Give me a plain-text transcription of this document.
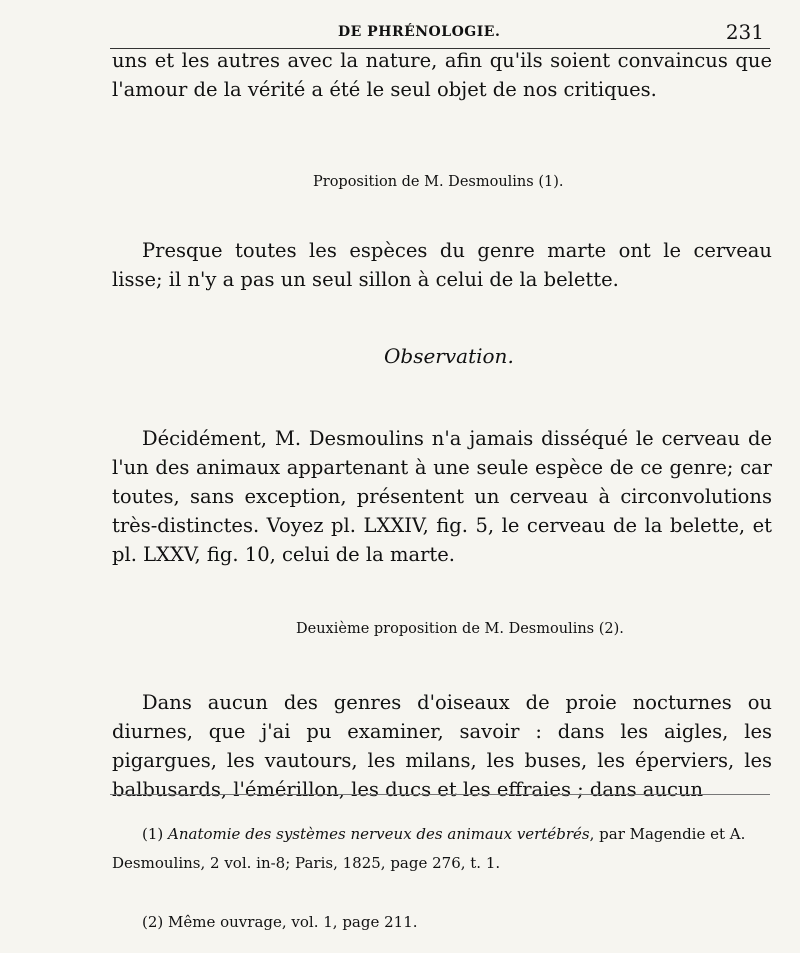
DE PHRÉNOLOGIE.	231

uns et les autres avec la nature, afin qu'ils soient convaincus que l'amour de la vérité a été le seul objet de nos critiques.

Proposition de M. Desmoulins (1).

Presque toutes les espèces du genre marte ont le cerveau lisse; il n'y a pas un seul sillon à celui de la belette.

Observation.

Décidément, M. Desmoulins n'a jamais disséqué le cerveau de l'un des animaux appartenant à une seule espèce de ce genre; car toutes, sans exception, présentent un cerveau à circonvolutions très-distinctes. Voyez pl. LXXIV, fig. 5, le cerveau de la belette, et pl. LXXV, fig. 10, celui de la marte.

Deuxième proposition de M. Desmoulins (2).

Dans aucun des genres d'oiseaux de proie nocturnes ou diurnes, que j'ai pu examiner, savoir : dans les aigles, les pigargues, les vautours, les milans, les buses, les éperviers, les balbusards, l'émérillon, les ducs et les effraies ; dans aucun

(1) Anatomie des systèmes nerveux des animaux vertébrés, par Magendie et A. Desmoulins, 2 vol. in-8; Paris, 1825, page 276, t. 1.
(2) Même ouvrage, vol. 1, page 211.
